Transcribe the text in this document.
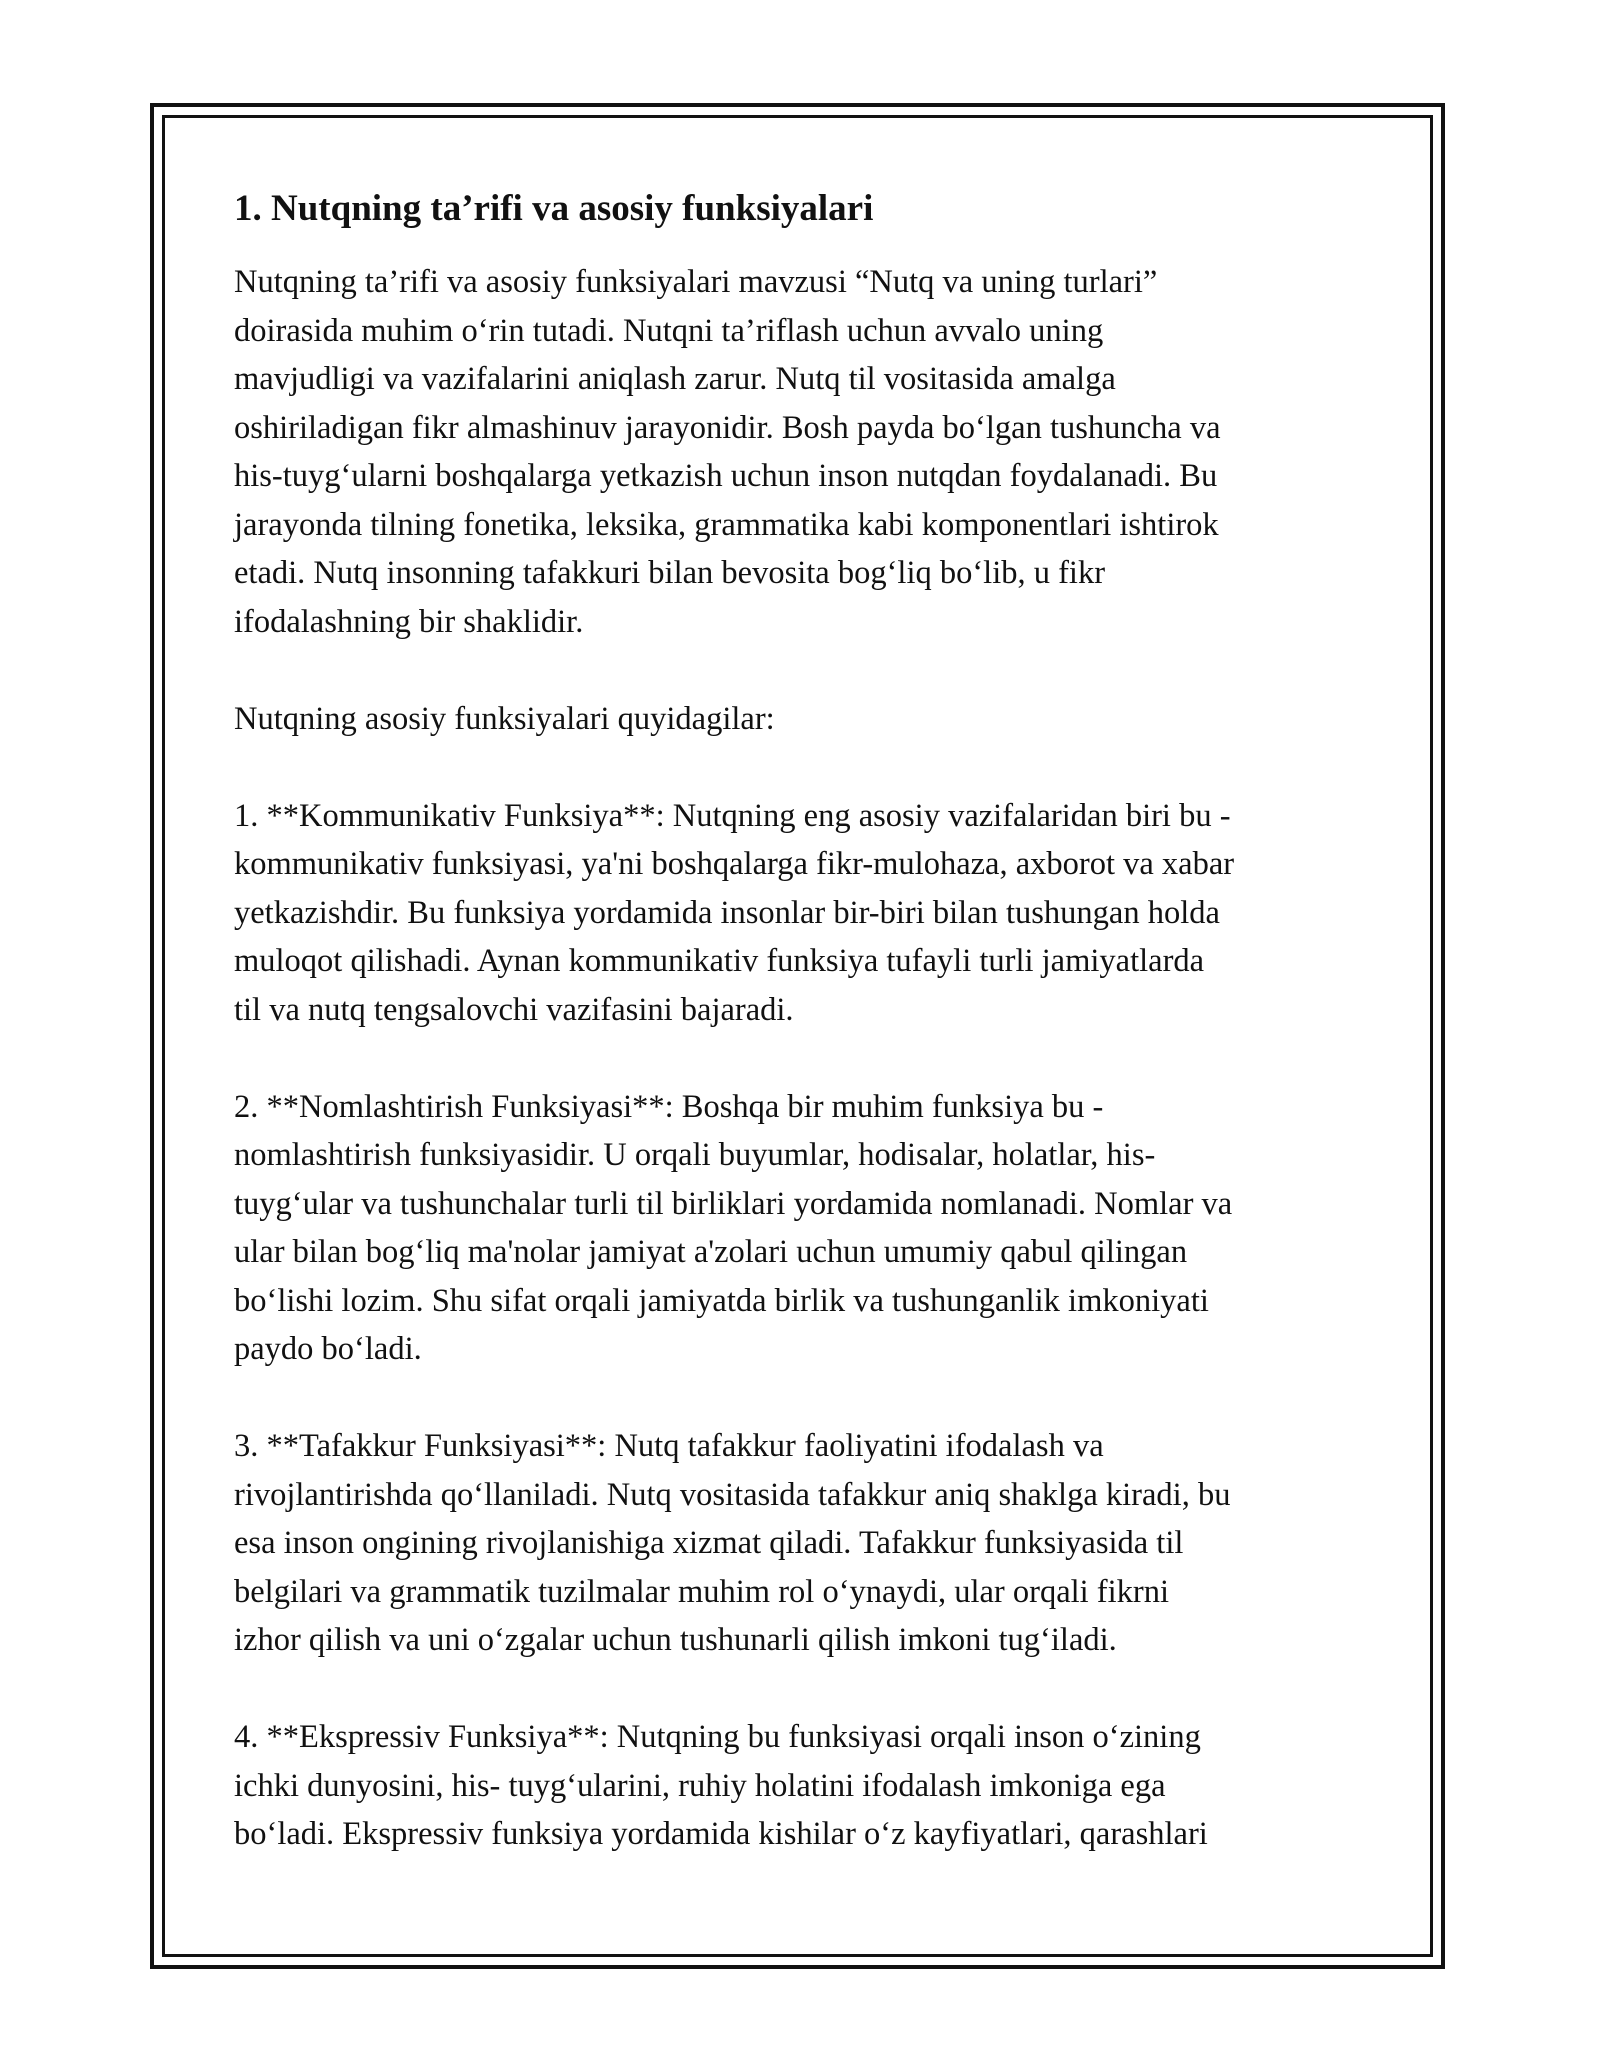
1. Nutqning ta’rifi va asosiy funksiyalari
Nutqning ta’rifi va asosiy funksiyalari mavzusi “Nutq va uning turlari”
doirasida muhim o‘rin tutadi. Nutqni ta’riflash uchun avvalo uning
mavjudligi va vazifalarini aniqlash zarur. Nutq til vositasida amalga
oshiriladigan fikr almashinuv jarayonidir. Bosh payda bo‘lgan tushuncha va
his-tuyg‘ularni boshqalarga yetkazish uchun inson nutqdan foydalanadi. Bu
jarayonda tilning fonetika, leksika, grammatika kabi komponentlari ishtirok
etadi. Nutq insonning tafakkuri bilan bevosita bog‘liq bo‘lib, u fikr
ifodalashning bir shaklidir.
Nutqning asosiy funksiyalari quyidagilar:
1. **Kommunikativ Funksiya**: Nutqning eng asosiy vazifalaridan biri bu -
kommunikativ funksiyasi, ya'ni boshqalarga fikr-mulohaza, axborot va xabar
yetkazishdir. Bu funksiya yordamida insonlar bir-biri bilan tushungan holda
muloqot qilishadi. Aynan kommunikativ funksiya tufayli turli jamiyatlarda
til va nutq tengsalovchi vazifasini bajaradi.
2. **Nomlashtirish Funksiyasi**: Boshqa bir muhim funksiya bu -
nomlashtirish funksiyasidir. U orqali buyumlar, hodisalar, holatlar, his-
tuyg‘ular va tushunchalar turli til birliklari yordamida nomlanadi. Nomlar va
ular bilan bog‘liq ma'nolar jamiyat a'zolari uchun umumiy qabul qilingan
bo‘lishi lozim. Shu sifat orqali jamiyatda birlik va tushunganlik imkoniyati
paydo bo‘ladi.
3. **Tafakkur Funksiyasi**: Nutq tafakkur faoliyatini ifodalash va
rivojlantirishda qo‘llaniladi. Nutq vositasida tafakkur aniq shaklga kiradi, bu
esa inson ongining rivojlanishiga xizmat qiladi. Tafakkur funksiyasida til
belgilari va grammatik tuzilmalar muhim rol o‘ynaydi, ular orqali fikrni
izhor qilish va uni o‘zgalar uchun tushunarli qilish imkoni tug‘iladi.
4. **Ekspressiv Funksiya**: Nutqning bu funksiyasi orqali inson o‘zining
ichki dunyosini, his- tuyg‘ularini, ruhiy holatini ifodalash imkoniga ega
bo‘ladi. Ekspressiv funksiya yordamida kishilar o‘z kayfiyatlari, qarashlari
